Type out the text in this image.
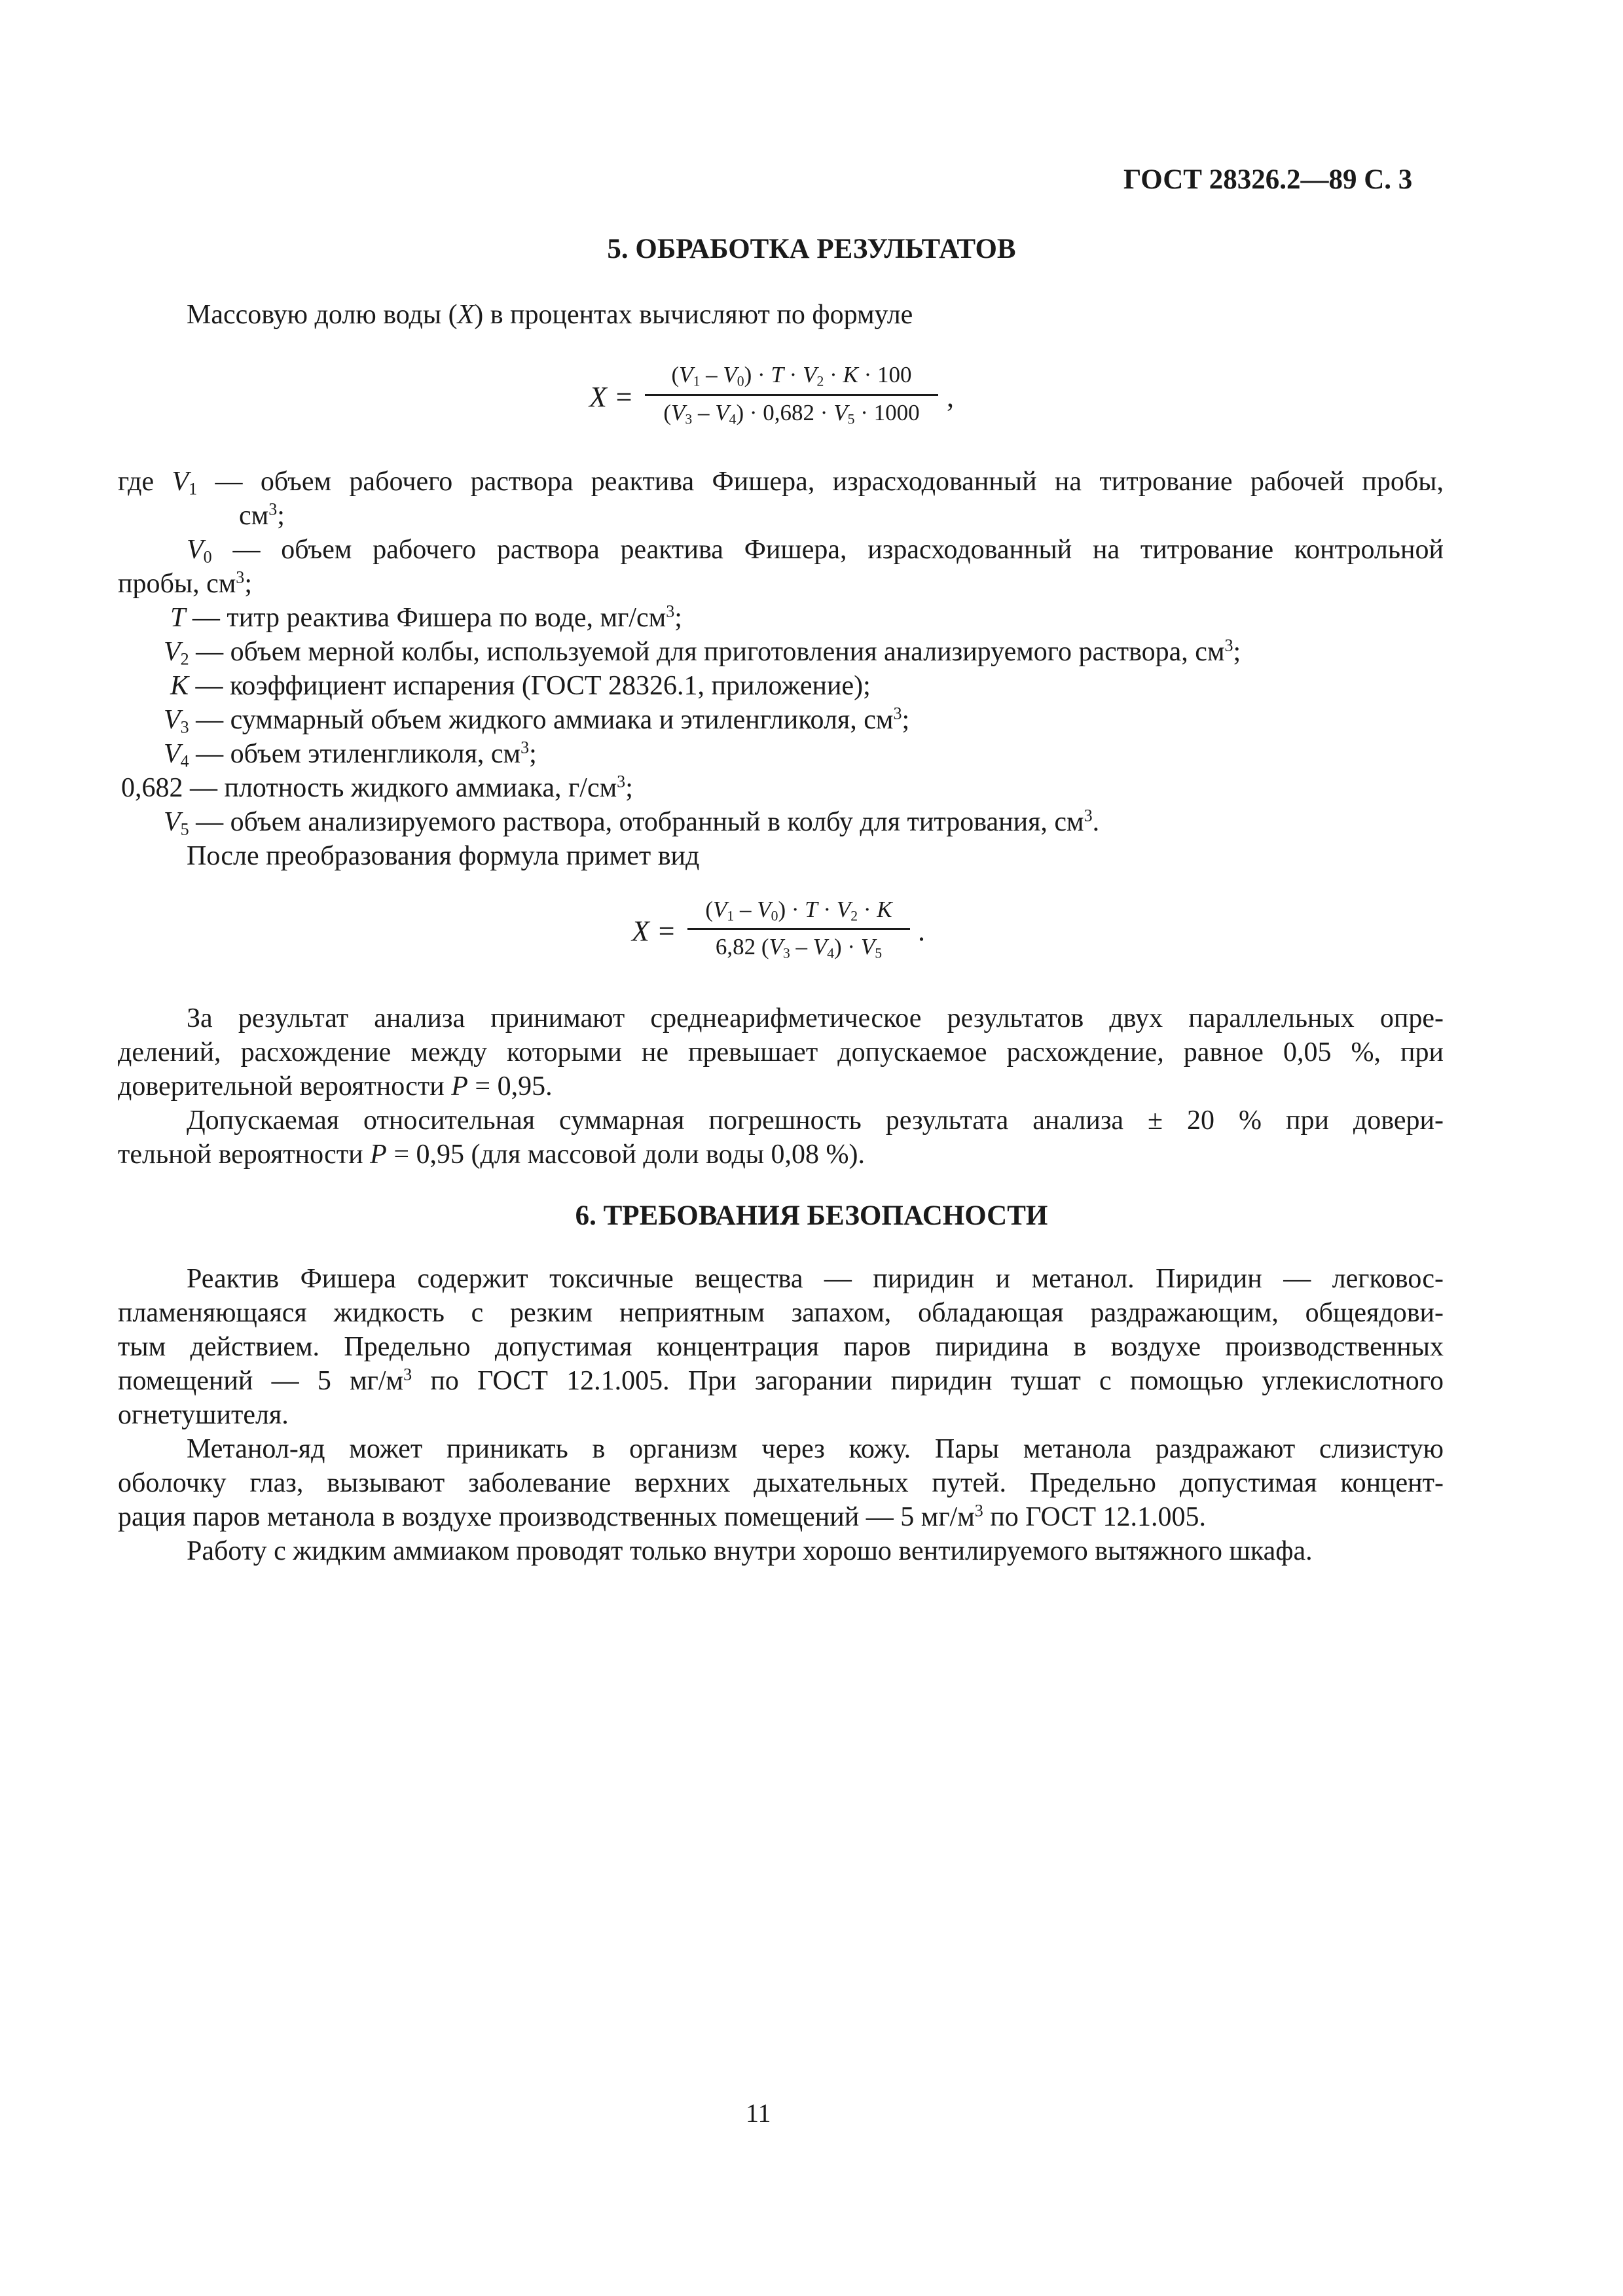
ГОСТ 28326.2—89 С. 3
5. ОБРАБОТКА РЕЗУЛЬТАТОВ
Массовую долю воды (X) в процентах вычисляют по формуле
X =
$(V_1 - V_0) \cdot T \cdot V_2 \cdot K \cdot 100$
$(V_3 - V_4) \cdot 0,682 \cdot V_5 \cdot 1000$ ,
где $V_1$ — объем рабочего раствора реактива Фишера, израсходованный на титрование рабочей пробы,
$см^3$;
$V_0$ — объем рабочего раствора реактива Фишера, израсходованный на титрование контрольной
пробы, $см^3$;
T — титр реактива Фишера по воде, $мг/см^3$;
$V_2$ — объем мерной колбы, используемой для приготовления анализируемого раствора, $см^3$;
K — коэффициент испарения (ГОСТ 28326.1, приложение);
$V_3$ — суммарный объем жидкого аммиака и этиленгликоля, $см^3$;
$V_4$ — объем этиленгликоля, $см^3$;
0,682 — плотность жидкого аммиака, $г/см^3$;
$V_5$ — объем анализируемого раствора, отобранный в колбу для титрования, $см^3$.
После преобразования формула примет вид
X =
$(V_1 - V_0) \cdot T \cdot V_2 \cdot K$
6,82 $(V_3 - V_4) \cdot V_5$
.
За результат анализа принимают среднеарифметическое результатов двух параллельных опре-
делений, расхождение между которыми не превышает допускаемое расхождение, равное 0,05 %, при
доверительной вероятности P = 0,95.
Допускаемая относительная суммарная погрешность результата анализа ± 20 % при довери-
тельной вероятности P = 0,95 (для массовой доли воды 0,08 %).
6. ТРЕБОВАНИЯ БЕЗОПАСНОСТИ
Реактив Фишера содержит токсичные вещества — пиридин и метанол. Пиридин — легковос-
пламеняющаяся жидкость с резким неприятным запахом, обладающая раздражающим, общеядови-
тым действием. Предельно допустимая концентрация паров пиридина в воздухе производственных
помещений — 5 $мг/м^3$ по ГОСТ 12.1.005. При загорании пиридин тушат с помощью углекислотного
огнетушителя.
Метанол-яд может приникать в организм через кожу. Пары метанола раздражают слизистую
оболочку глаз, вызывают заболевание верхних дыхательных путей. Предельно допустимая концент-
рация паров метанола в воздухе производственных помещений — 5 $мг/м^3$ по ГОСТ 12.1.005.
Работу с жидким аммиаком проводят только внутри хорошо вентилируемого вытяжного шкафа.
11
